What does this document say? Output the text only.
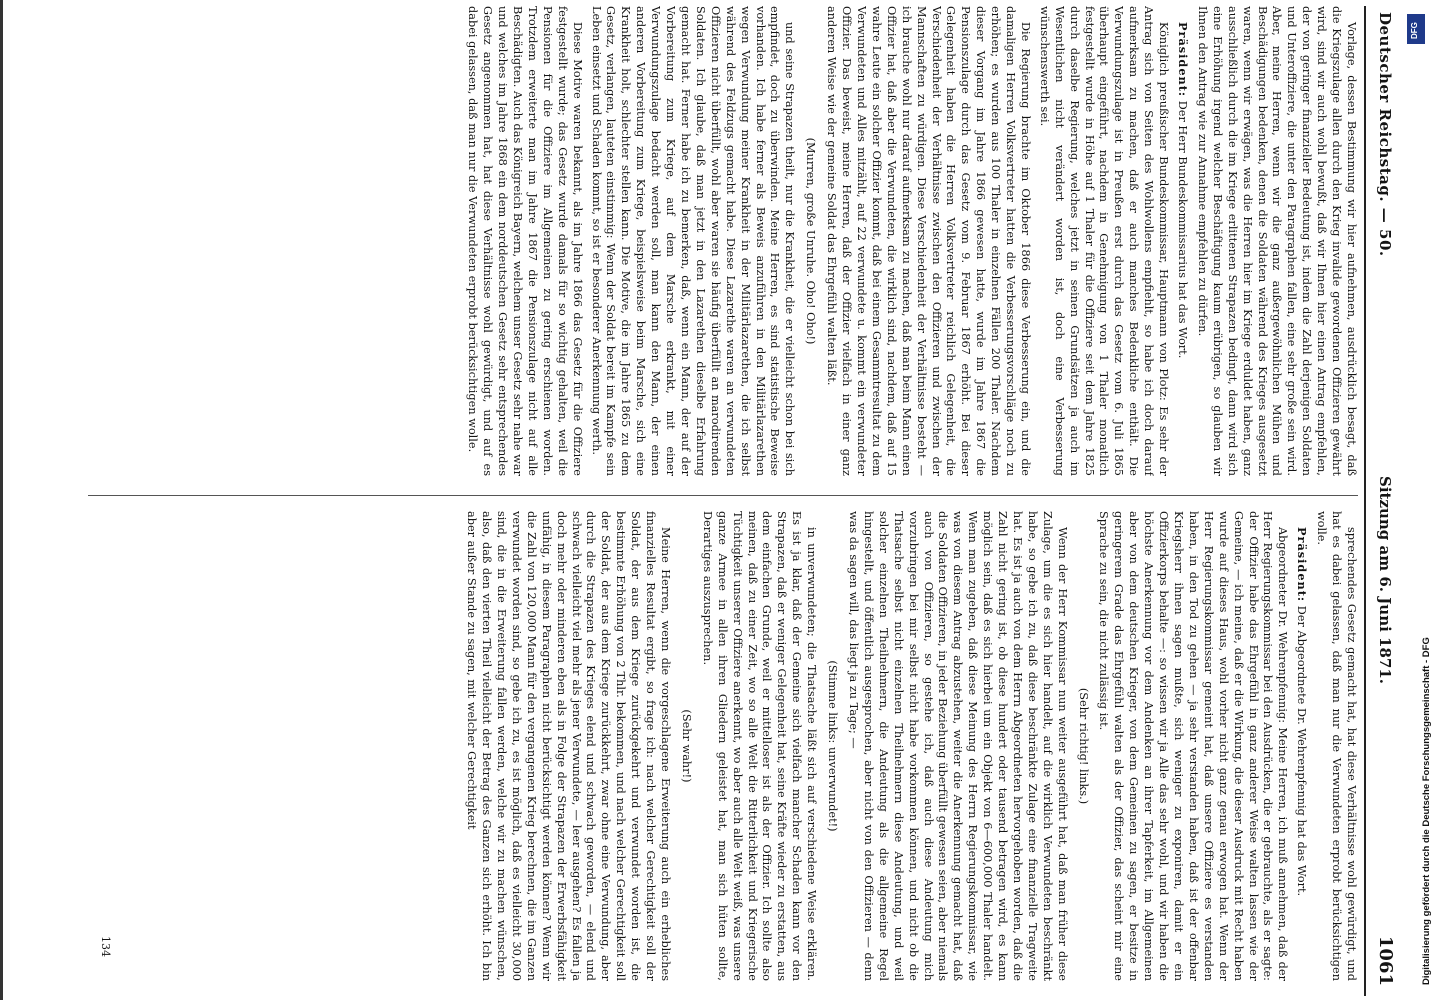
Deutscher Reichstag. — 50.
Sitzung am 6. Juni 1871.
1061

Vorlage, dessen Bestimmung wir hier aufnehmen, ausdrücklich besagt, daß die Kriegszulage allen durch den Krieg invalide gewordenen Offizieren gewährt wird, sind wir auch wohl bewußt, daß wir Ihnen hier einen Antrag empfehlen, der von geringer finanzieller Bedeutung ist, indem die Zahl derjenigen Soldaten und Unteroffiziere, die unter den Paragraphen fallen, eine sehr große sein wird. Aber, meine Herren, wenn wir die ganz außergewöhnlichen Mühen und Beschädigungen bedenken, denen die Soldaten während des Krieges ausgesetzt waren, wenn wir erwägen, was die Herren hier im Kriege erduldet haben, ganz ausschließlich durch die im Kriege erlittenen Strapazen bedingt, dann wird sich eine Erhöhung irgend welcher Beschäftigung kaum erübrigen, so glauben wir Ihnen den Antrag wie zur Annahme empfehlen zu dürfen.

Präsident: Der Herr Bundeskommissarius hat das Wort.

Königlich preußischer Bundeskommissar, Hauptmann von Plotz: Es sehr der Antrag sich von Seiten des Wohlwollens empfiehlt, so habe ich doch darauf aufmerksam zu machen, daß er auch manches Bedenkliche enthält. Die Verwundungszulage ist in Preußen erst durch das Gesetz vom 6. Juli 1865 überhaupt eingeführt, nachdem in Genehmigung von 1 Thaler monatlich festgestellt wurde in Höhe auf 1 Thaler für die Offiziere seit dem Jahre 1825 durch daselbe Regierung, welches jetzt in seinen Grundsätzen ja auch im Wesentlichen nicht verändert worden ist, doch eine Verbesserung wünschenswerth sei.

Die Regierung brachte im Oktober 1866 diese Verbesserung ein, und die damaligen Herren Volksvertreter hatten die Verbesserungsvorschläge noch zu erhöhen; es wurden aus 100 Thaler in einzelnen Fällen 200 Thaler. Nachdem dieser Vorgang im Jahre 1866 gewesen hatte, wurde im Jahre 1867 die Pensionszulage durch das Gesetz vom 9. Februar 1867 erhöht. Bei dieser Gelegenheit haben die Herren Volksvertreter reichlich Gelegenheit, die Verschiedenheit der Verhältnisse zwischen den Offizieren und zwischen der Mannschaften zu würdigen. Diese Verschiedenheit der Verhältnisse besteht — ich brauche wohl nur darauf aufmerksam zu machen, daß man beim Mann einen Offizier hat, daß aber die Verwundeten, die wirklich sind, nachdem, daß auf 15 wahre Leute ein solcher Offizier kommt, daß bei einem Gesammtresultat zu dem Verwundeten und Alles mitzählt, auf 22 verwundete u. kommt ein verwundeter Offizier. Das beweist, meine Herren, daß der Offizier vielfach in einer ganz anderen Weise wie der gemeine Soldat das Ehrgefühl walten läßt.

(Murren, große Unruhe. Oho! Oho!)

und seine Strapazen theilt, nur die Krankheit, die er vielleicht schon bei sich empfindet, doch zu überwinden. Meine Herren, es sind statistische Beweise vorhanden. Ich habe ferner als Beweis anzuführen in den Militärlazarethen wegen Verwundung meiner Krankheit in der Militärlazarethen, die ich selbst während des Feldzugs gemacht habe. Diese Lazarethe waren an verwundeten Offizieren nicht überfüllt, wohl aber waren sie häufig überfüllt an marodirenden Soldaten. Ich glaube, daß man jetzt in den Lazarethen dieselbe Erfahrung gemacht hat. Ferner habe ich zu bemerken, daß, wenn ein Mann, der auf der Vorbereitung zum Kriege, auf dem Marsche erkrankt, mit einer Verwundungszulage bedacht werden soll, man kann den Mann, der einen anderen Vorbereitung zum Kriege, beispielsweise beim Marsche, sich eine Krankheit holt, schlechter stellen kann. Die Motive, die im Jahre 1865 zu dem Gesetz, verlangen, lauteten einstimmig: Wenn der Soldat bereit im Kampfe sein Leben einsetzt und Schaden kommt, so ist er besonderer Anerkennung werth.

Diese Motive waren bekannt, als im Jahre 1866 das Gesetz für die Offiziere festgestellt wurde; das Gesetz wurde damals für so wichtig gehalten, weil die Pensionen für die Offiziere im Allgemeinen zu gering erschienen worden. Trotzdem erweiterte man im Jahre 1867 die Pensionszulage nicht auf alle Beschädigten. Auch das Königreich Bayern, welchem unser Gesetz sehr nahe war und welches im Jahre 1868 ein dem norddeutschen Gesetz sehr entsprechendes Gesetz angenommen hat, hat diese Verhältnisse wohl gewürdigt, und auf es dabei gelassen, daß man nur die Verwundeten erprobt berücksichtigen wolle.

sprechendes Gesetz gemacht hat, hat diese Verhältnisse wohl gewürdigt, und hat es dabei gelassen, daß man nur die Verwundeten erprobt berücksichtigen wolle.

Präsident: Der Abgeordnete Dr. Wehrenpfennig hat das Wort.

Abgeordneter Dr. Wehrenpfennig: Meine Herren, ich muß annehmen, daß der Herr Regierungskommissar bei den Ausdrücken, die er gebrauchte, als er sagte: der Offizier habe das Ehrgefühl in ganz anderer Weise walten lassen wie der Gemeine, — ich meine, daß er die Wirkung, die dieser Ausdruck mit Recht haben wurde auf dieses Haus, wohl vorher nicht ganz genau erwogen hat. Wenn der Herr Regierungskommissar gemeint hat, daß unsere Offiziere es verstanden haben, in den Tod zu gehen — ja sehr verstanden haben, daß ist der offenbar Kriegsherr ihnen sagen mußte, sich weniger zu exponiren, damit er ein Offizierkorps behalte —: so wissen wir ja Alle das sehr wohl, und wir haben die höchste Anerkennung vor dem Andenken an ihrer Tapferkeit, im Allgemeinen aber von dem deutschen Krieger, von dem Gemeinen zu sagen, er besitze in geringerem Grade das Ehrgefühl walten als der Offizier, das scheint mir eine Sprache zu sein, die nicht zulässig ist.

(Sehr richtig! links.)

Wenn der Herr Kommissar nun weiter ausgeführt hat, daß man früher diese Zulage, um die es sich hier handelt, auf die wirklich Verwundeten beschränkt habe, so gebe ich zu, daß diese beschränkte Zulage eine finanzielle Tragweite hat. Es ist ja auch von dem Herrn Abgeordneten hervorgehoben worden, daß die Zahl nicht gering ist, ob diese hundert oder tausend betragen wird, es kann möglich sein, daß es sich hierbei um ein Objekt von 6—600,000 Thaler handelt. Wenn man zugeben, daß diese Meinung des Herrn Regierungskommissar, wie was von diesem Antrag abzustehen, weiter die Anerkennung gemacht hat, daß die Soldaten Offizieren, in jeder Beziehung überfüllt gewesen seien, aber niemals auch von Offizieren, so gestehe ich, daß auch diese Andeutung mich vorzubringen bei mir selbst nicht habe vorkommen können, und nicht ob die Thatsache selbst nicht einzelnen Theilnehmern diese Andeutung, und weil solcher einzelnen Theilnehmern, die Andeutung als die allgemeine Regel hingestellt, und öffentlich ausgesprochen, aber nicht von den Offizieren — denn was da sagen will, das liegt ja zu Tage; —

(Stimme links: unverwundet!)

in unverwundeten; die Thatsache läßt sich auf verschiedene Weise erklären. Es ist ja klar, daß der Gemeine sich vielfach mancher Schaden kann vor den Strapazen, daß er weniger Gelegenheit hat, seine Kräfte wieder zu erstatten, aus dem einfachen Grunde, weil er mittelloser ist als der Offizier. Ich sollte also meinen, daß zu einer Zeit, wo so alle Welt die Ritterlichkeit und Kriegerische Tüchtigkeit unserer Offiziere anerkennt, wo aber auch alle Welt weiß, was unsere ganze Armee in allen ihren Gliedern geleistet hat, man sich hüten sollte, Derartiges auszusprechen.

(Sehr wahr!)

Meine Herren, wenn die vorgeschlagene Erweiterung auch ein erhebliches finanzielles Resultat ergibt, so frage ich: nach welcher Gerechtigkeit soll der Soldat, der aus dem Kriege zurückgekehrt und verwundet worden ist, die bestimmte Erhöhung von 2 Thlr. bekommen, und nach welcher Gerechtigkeit soll der Soldat, der aus dem Kriege zurückkehrt, zwar ohne eine Verwundung, aber durch die Strapazen des Krieges elend und schwach geworden, — elend und schwach vielleicht viel mehr als jener Verwundete, — leer ausgehen? Es fallen ja doch mehr oder minderen eben als in Folge der Strapazen der Erwerbsfähigkeit unfähig, in diesem Paragraphen nicht berücksichtigt werden können? Wenn wir die Zahl von 120,000 Mann für den vergangenen Krieg berechnen, die im Ganzen verwundet worden sind, so gebe ich zu, es ist möglich, daß es vielleicht 30,000 sind, die in die Erweiterung fallen werden, welche wir zu machen wünschen, also, daß den vierten Theil vielleicht der Betrag des Ganzen sich erhöht. Ich bin aber außer Stande zu sagen, mit welcher Gerechtigkeit

134
DFG
Digitalisierung gefördert durch die Deutsche Forschungsgemeinschaft - DFG
